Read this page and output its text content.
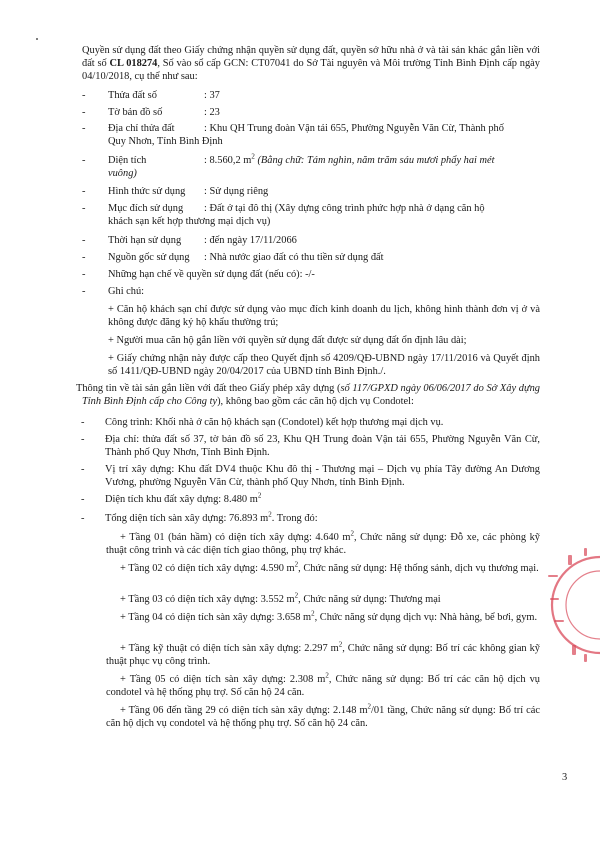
Quyền sử dụng đất theo Giấy chứng nhận quyền sử dụng đất, quyền sở hữu nhà ở và tài sản khác gắn liền với đất số CL 018274, Số vào sổ cấp GCN: CT07041 do Sở Tài nguyên và Môi trường Tỉnh Bình Định cấp ngày 04/10/2018, cụ thể như sau:

- Thửa đất số	: 37
- Tờ bản đồ số	: 23
- Địa chỉ thửa đất	: Khu QH Trung đoàn Vận tải 655, Phường Nguyễn Văn Cừ, Thành phố
Quy Nhơn, Tỉnh Bình Định
- Diện tích	: 8.560,2 $m^2$ (Bằng chữ: Tám nghìn, năm trăm sáu mươi phẩy hai mét
vuông)
- Hình thức sử dụng : Sử dụng riêng
- Mục đích sử dụng : Đất ở tại đô thị (Xây dựng công trình phức hợp nhà ở dạng căn hộ
khách sạn kết hợp thương mại dịch vụ)
- Thời hạn sử dụng : đến ngày 17/11/2066
- Nguồn gốc sử dụng : Nhà nước giao đất có thu tiền sử dụng đất
- Những hạn chế về quyền sử dụng đất (nếu có): -/-
- Ghi chú:

+ Căn hộ khách sạn chỉ được sử dụng vào mục đích kinh doanh du lịch, không hình thành đơn vị ở và không được đăng ký hộ khẩu thường trú;

+ Người mua căn hộ gắn liền với quyền sử dụng đất được sử dụng đất ổn định lâu dài;

+ Giấy chứng nhận này được cấp theo Quyết định số 4209/QĐ-UBND ngày 17/11/2016 và Quyết định số 1411/QĐ-UBND ngày 20/04/2017 của UBND tỉnh Bình Định./.

Thông tin về tài sản gắn liền với đất theo Giấy phép xây dựng (số 117/GPXD ngày 06/06/2017 do Sở Xây dựng Tỉnh Bình Định cấp cho Công ty), không bao gồm các căn hộ dịch vụ Condotel:

- Công trình: Khối nhà ở căn hộ khách sạn (Condotel) kết hợp thương mại dịch vụ.
- Địa chỉ: thửa đất số 37, tờ bản đồ số 23, Khu QH Trung đoàn Vận tải 655, Phường Nguyễn Văn Cừ, Thành phố Quy Nhơn, Tỉnh Bình Định.
- Vị trí xây dựng: Khu đất DV4 thuộc Khu đô thị - Thương mại – Dịch vụ phía Tây đường An Dương Vương, phường Nguyễn Văn Cừ, thành phố Quy Nhơn, tỉnh Bình Định.
- Diện tích khu đất xây dựng: 8.480 $m^2$
- Tổng diện tích sàn xây dựng: 76.893 $m^2$. Trong đó:

+ Tầng 01 (bán hầm) có diện tích xây dựng: 4.640 $m^2$, Chức năng sử dụng: Đỗ xe, các phòng kỹ thuật công trình và các diện tích giao thông, phụ trợ khác.

+ Tầng 02 có diện tích xây dựng: 4.590 $m^2$, Chức năng sử dụng: Hệ thống sảnh, dịch vụ thương mại.

+ Tầng 03 có diện tích xây dựng: 3.552 $m^2$, Chức năng sử dụng: Thương mại

+ Tầng 04 có diện tích sàn xây dựng: 3.658 $m^2$, Chức năng sử dụng dịch vụ: Nhà hàng, bể bơi, gym.

+ Tầng kỹ thuật có diện tích sàn xây dựng: 2.297 $m^2$, Chức năng sử dụng: Bố trí các không gian kỹ thuật phục vụ công trình.

+ Tầng 05 có diện tích sàn xây dựng: 2.308 $m^2$, Chức năng sử dụng: Bố trí các căn hộ dịch vụ condotel và hệ thống phụ trợ. Số căn hộ 24 căn.

+ Tầng 06 đến tầng 29 có diện tích sàn xây dựng: 2.148 $m^2/01$ tầng, Chức năng sử dụng: Bố trí các căn hộ dịch vụ condotel và hệ thống phụ trợ. Số căn hộ 24 căn.

3
